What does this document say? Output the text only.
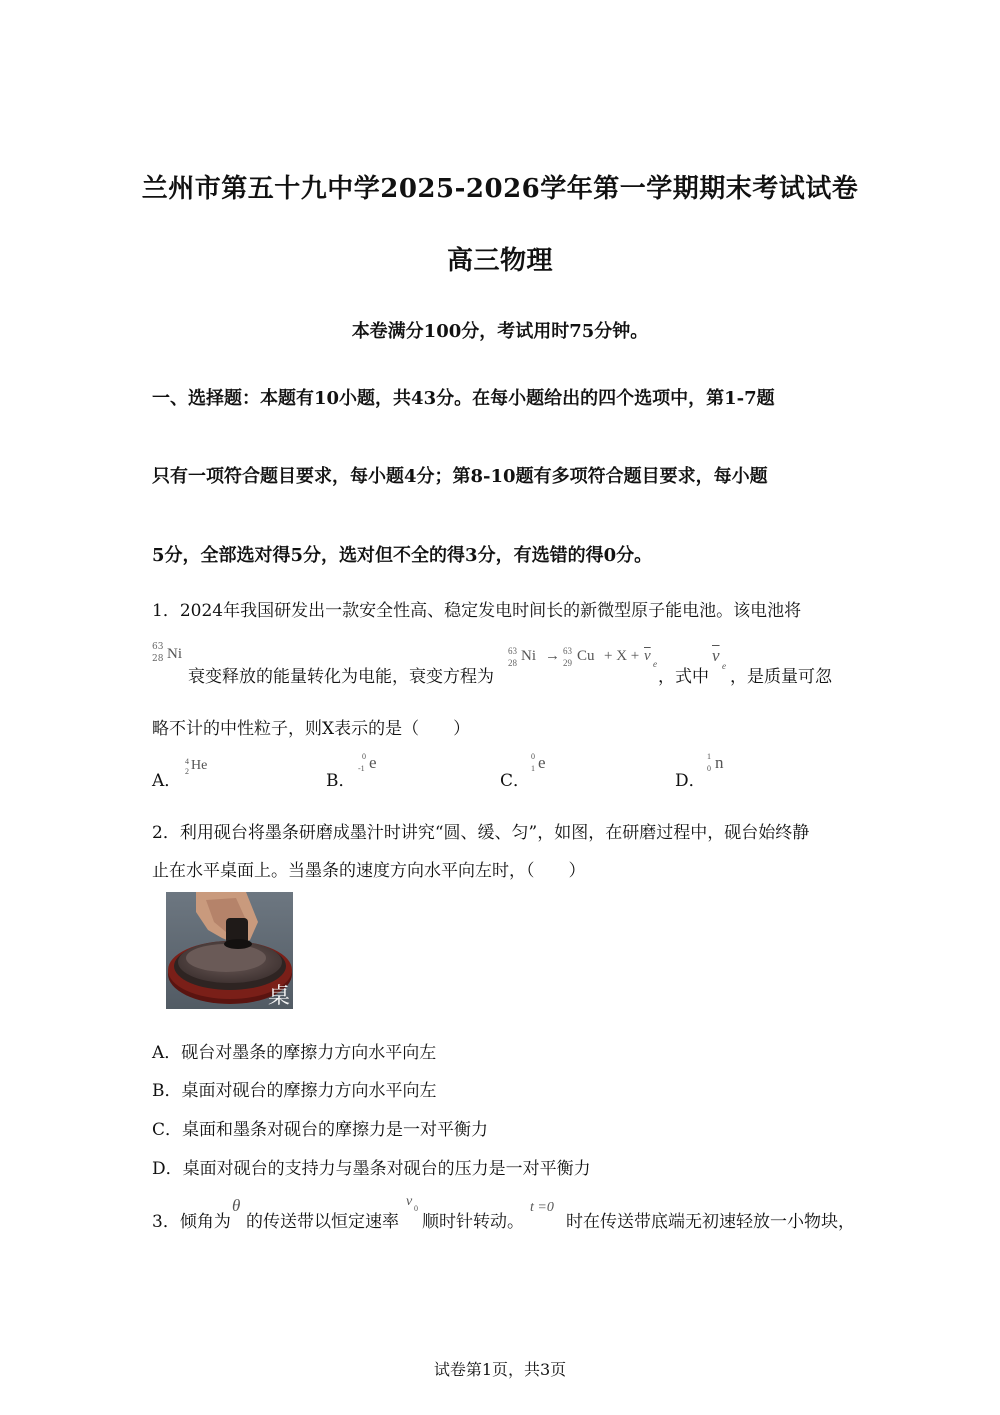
兰州市第五十九中学2025-2026学年第一学期期末考试试卷
高三物理
本卷满分100分，考试用时75分钟。
一、选择题：本题有10小题，共43分。在每小题给出的四个选项中，第1-7题
只有一项符合题目要求，每小题4分；第8-10题有多项符合题目要求，每小题
5分，全部选对得5分，选对但不全的得3分，有选错的得0分。
1．2024年我国研发出一款安全性高、稳定发电时间长的新微型原子能电池。该电池将
63
28 Ni
衰变释放的能量转化为电能，衰变方程为
63
28 Ni → 63
29 $Cu + X + \overline{v}$ e
，式中
$\overline{v}$
e
，是质量可忽
略不计的中性粒子，则X表示的是（　　）
A．
4
2 He
B．
0
-1 e
C．
0
1 e
D．
1
0 n
2．利用砚台将墨条研磨成墨汁时讲究“圆、缓、匀”，如图，在研磨过程中，砚台始终静
止在水平桌面上。当墨条的速度方向水平向左时，（　　）
桌
A．砚台对墨条的摩擦力方向水平向左
B．桌面对砚台的摩擦力方向水平向左
C．桌面和墨条对砚台的摩擦力是一对平衡力
D．桌面对砚台的支持力与墨条对砚台的压力是一对平衡力
3．倾角为
θ
的传送带以恒定速率
v 0
顺时针转动。
t =0
时在传送带底端无初速轻放一小物块，
试卷第1页，共3页
